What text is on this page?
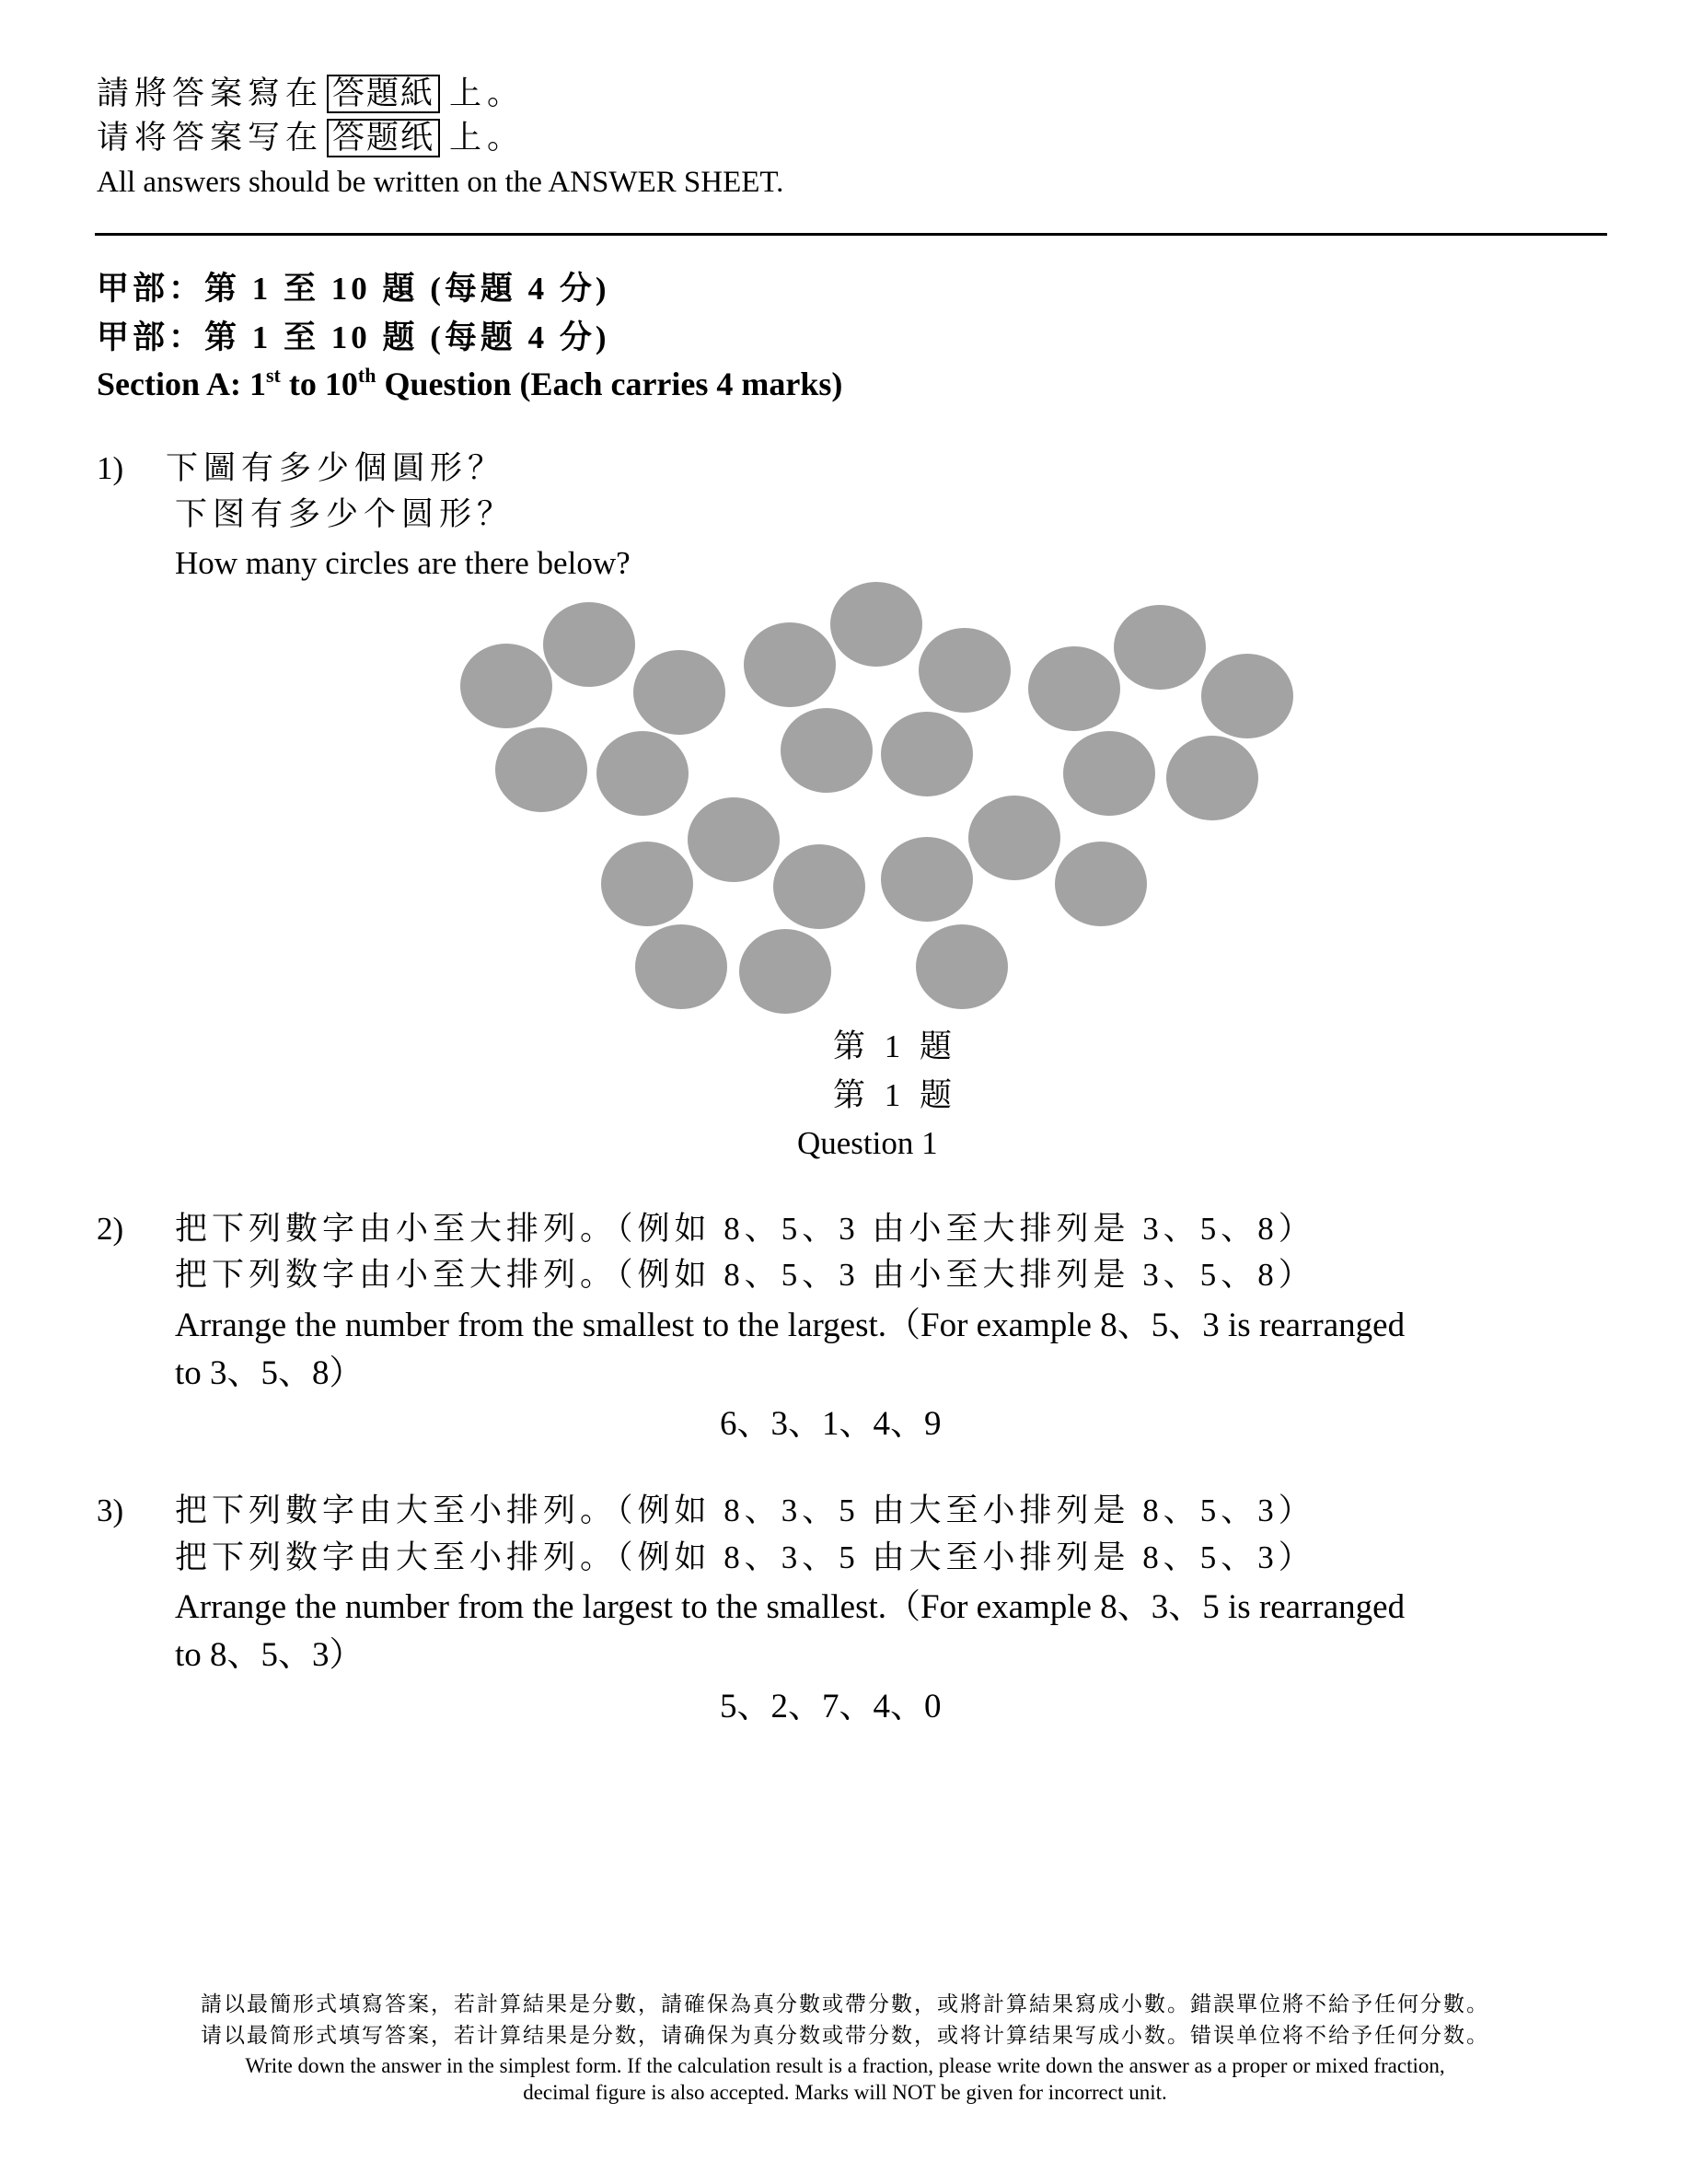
請將答案寫在 答題紙 上。
请将答案写在 答题纸 上。
All answers should be written on the ANSWER SHEET.
甲部：第 1 至 10 題 (每題 4 分)
甲部：第 1 至 10 题 (每题 4 分)
Section A: 1st to 10th Question (Each carries 4 marks)
1) 下圖有多少個圓形？
下图有多少个圆形？
How many circles are there below?
第 1 題
第 1 题
Question 1
2) 把下列數字由小至大排列。（例如 8、5、3 由小至大排列是 3、5、8）
把下列数字由小至大排列。（例如 8、5、3 由小至大排列是 3、5、8）
Arrange the number from the smallest to the largest.（For example 8、5、3 is rearranged
to 3、5、8）
6、3、1、4、9
3) 把下列數字由大至小排列。（例如 8、3、5 由大至小排列是 8、5、3）
把下列数字由大至小排列。（例如 8、3、5 由大至小排列是 8、5、3）
Arrange the number from the largest to the smallest.（For example 8、3、5 is rearranged
to 8、5、3）
5、2、7、4、0
請以最簡形式填寫答案，若計算結果是分數，請確保為真分數或帶分數，或將計算結果寫成小數。錯誤單位將不給予任何分數。
请以最简形式填写答案，若计算结果是分数，请确保为真分数或带分数，或将计算结果写成小数。错误单位将不给予任何分数。
Write down the answer in the simplest form. If the calculation result is a fraction, please write down the answer as a proper or mixed fraction,
decimal figure is also accepted. Marks will NOT be given for incorrect unit.
